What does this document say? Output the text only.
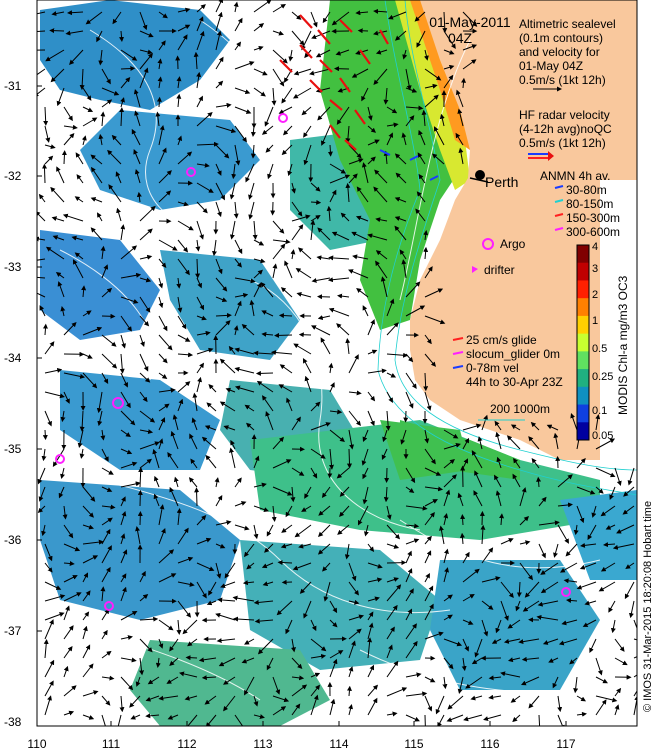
4
3
2
1
0.5
0.25
0.1
0.05
01-May-2011
04Z
Altimetric sealevel
(0.1m contours)
and velocity for
01-May 04Z
0.5m/s (1kt 12h)
HF radar velocity
(4-12h avg)noQC
0.5m/s (1kt 12h)
ANMN 4h av.
30-80m
80-150m
150-300m
300-600m
Perth
Argo
drifter
25 cm/s glide
slocum_glider 0m
0-78m vel
44h to 30-Apr 23Z
200 1000m
-31
-32
-33
-34
-35
-36
-37
-38
110	111	112	113	114	115	116	117
MODIS Chl-a mg/m3 OC3
© IMOS 31-Mar-2015 18:20:08 Hobart time
